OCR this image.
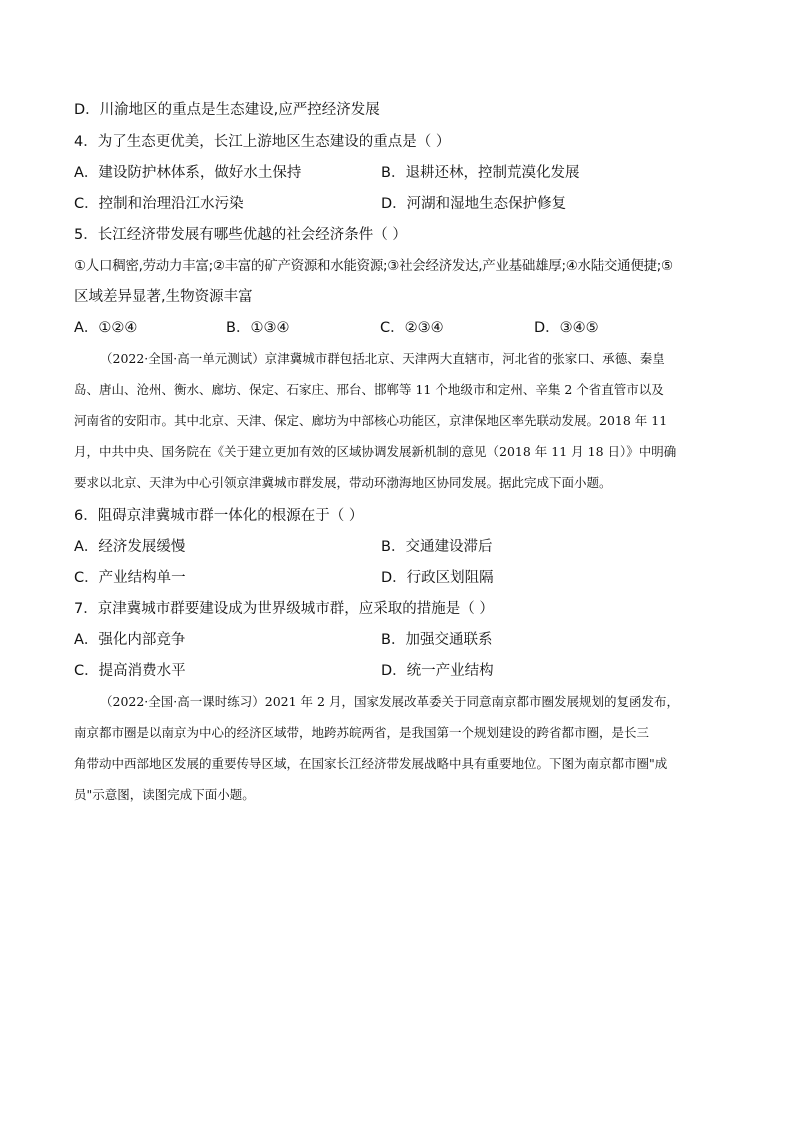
D．川渝地区的重点是生态建设,应严控经济发展
4．为了生态更优美，长江上游地区生态建设的重点是（ ）
A．建设防护林体系，做好水土保持	B．退耕还林，控制荒漠化发展
C．控制和治理沿江水污染	D．河湖和湿地生态保护修复
5．长江经济带发展有哪些优越的社会经济条件（ ）
①人口稠密,劳动力丰富;②丰富的矿产资源和水能资源;③社会经济发达,产业基础雄厚;④水陆交通便捷;⑤
区域差异显著,生物资源丰富
A．①②④	B．①③④	C．②③④	D．③④⑤
（2022·全国·高一单元测试）京津冀城市群包括北京、天津两大直辖市，河北省的张家口、承德、秦皇
岛、唐山、沧州、衡水、廊坊、保定、石家庄、邢台、邯郸等 11 个地级市和定州、辛集 2 个省直管市以及
河南省的安阳市。其中北京、天津、保定、廊坊为中部核心功能区，京津保地区率先联动发展。2018 年 11
月，中共中央、国务院在《关于建立更加有效的区域协调发展新机制的意见（2018 年 11 月 18 日）》中明确
要求以北京、天津为中心引领京津冀城市群发展，带动环渤海地区协同发展。据此完成下面小题。
6．阻碍京津冀城市群一体化的根源在于（ ）
A．经济发展缓慢	B．交通建设滞后
C．产业结构单一	D．行政区划阻隔
7．京津冀城市群要建设成为世界级城市群，应采取的措施是（ ）
A．强化内部竞争	B．加强交通联系
C．提高消费水平	D．统一产业结构
（2022·全国·高一课时练习）2021 年 2 月，国家发展改革委关于同意南京都市圈发展规划的复函发布，
南京都市圈是以南京为中心的经济区域带，地跨苏皖两省，是我国第一个规划建设的跨省都市圈，是长三
角带动中西部地区发展的重要传导区域，在国家长江经济带发展战略中具有重要地位。下图为南京都市圈"成
员"示意图，读图完成下面小题。
